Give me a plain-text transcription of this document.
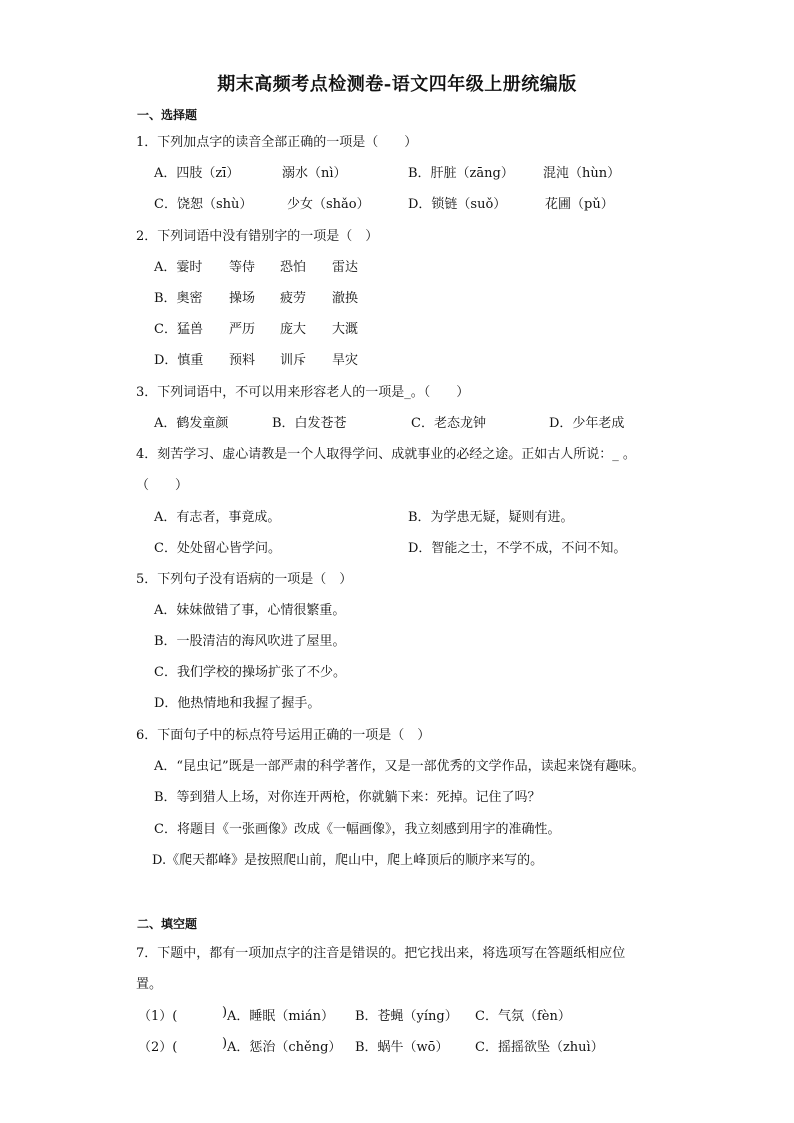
期末高频考点检测卷-语文四年级上册统编版
一、选择题
1．下列加点字的读音全部正确的一项是（　　）
A．四肢（zī）	溺水（nì）	B．肝脏（zāng） 混沌（hùn）
C．饶恕（shù）	少女（shǎo）	D．锁链（suǒ）	花圃（pǔ）
2．下列词语中没有错别字的一项是（　）
A．霎时 等侍 恐怕 雷达
B．奥密 操场 疲劳 澈换
C．猛兽 严历 庞大 大溉
D．慎重 预料 训斥 旱灾
3．下列词语中，不可以用来形容老人的一项是_。（　　）
A．鹤发童颜	B．白发苍苍	C．老态龙钟	D．少年老成
4．刻苦学习、虚心请教是一个人取得学问、成就事业的必经之途。正如古人所说：_ 。
（　　）
A．有志者，事竟成。	B．为学患无疑，疑则有进。
C．处处留心皆学问。	D．智能之士，不学不成，不问不知。
5．下列句子没有语病的一项是（　）
A．妹妹做错了事，心情很繁重。
B．一股清洁的海风吹进了屋里。
C．我们学校的操场扩张了不少。
D．他热情地和我握了握手。
6．下面句子中的标点符号运用正确的一项是（　）
A．“昆虫记”既是一部严肃的科学著作，又是一部优秀的文学作品，读起来饶有趣味。
B．等到猎人上场，对你连开两枪，你就躺下来：死掉。记住了吗？
C．将题目《一张画像》改成《一幅画像》，我立刻感到用字的准确性。
D.《爬天都峰》是按照爬山前，爬山中，爬上峰顶后的顺序来写的。
二、填空题
7．下题中，都有一项加点字的注音是错误的。把它找出来，将选项写在答题纸相应位
置。
（1）(	) A．睡眠（mián） B．苍蝇（yíng） C．气氛（fèn）
（2）(	) A．惩治（chěng） B．蜗牛（wō） C．摇摇欲坠（zhuì）
